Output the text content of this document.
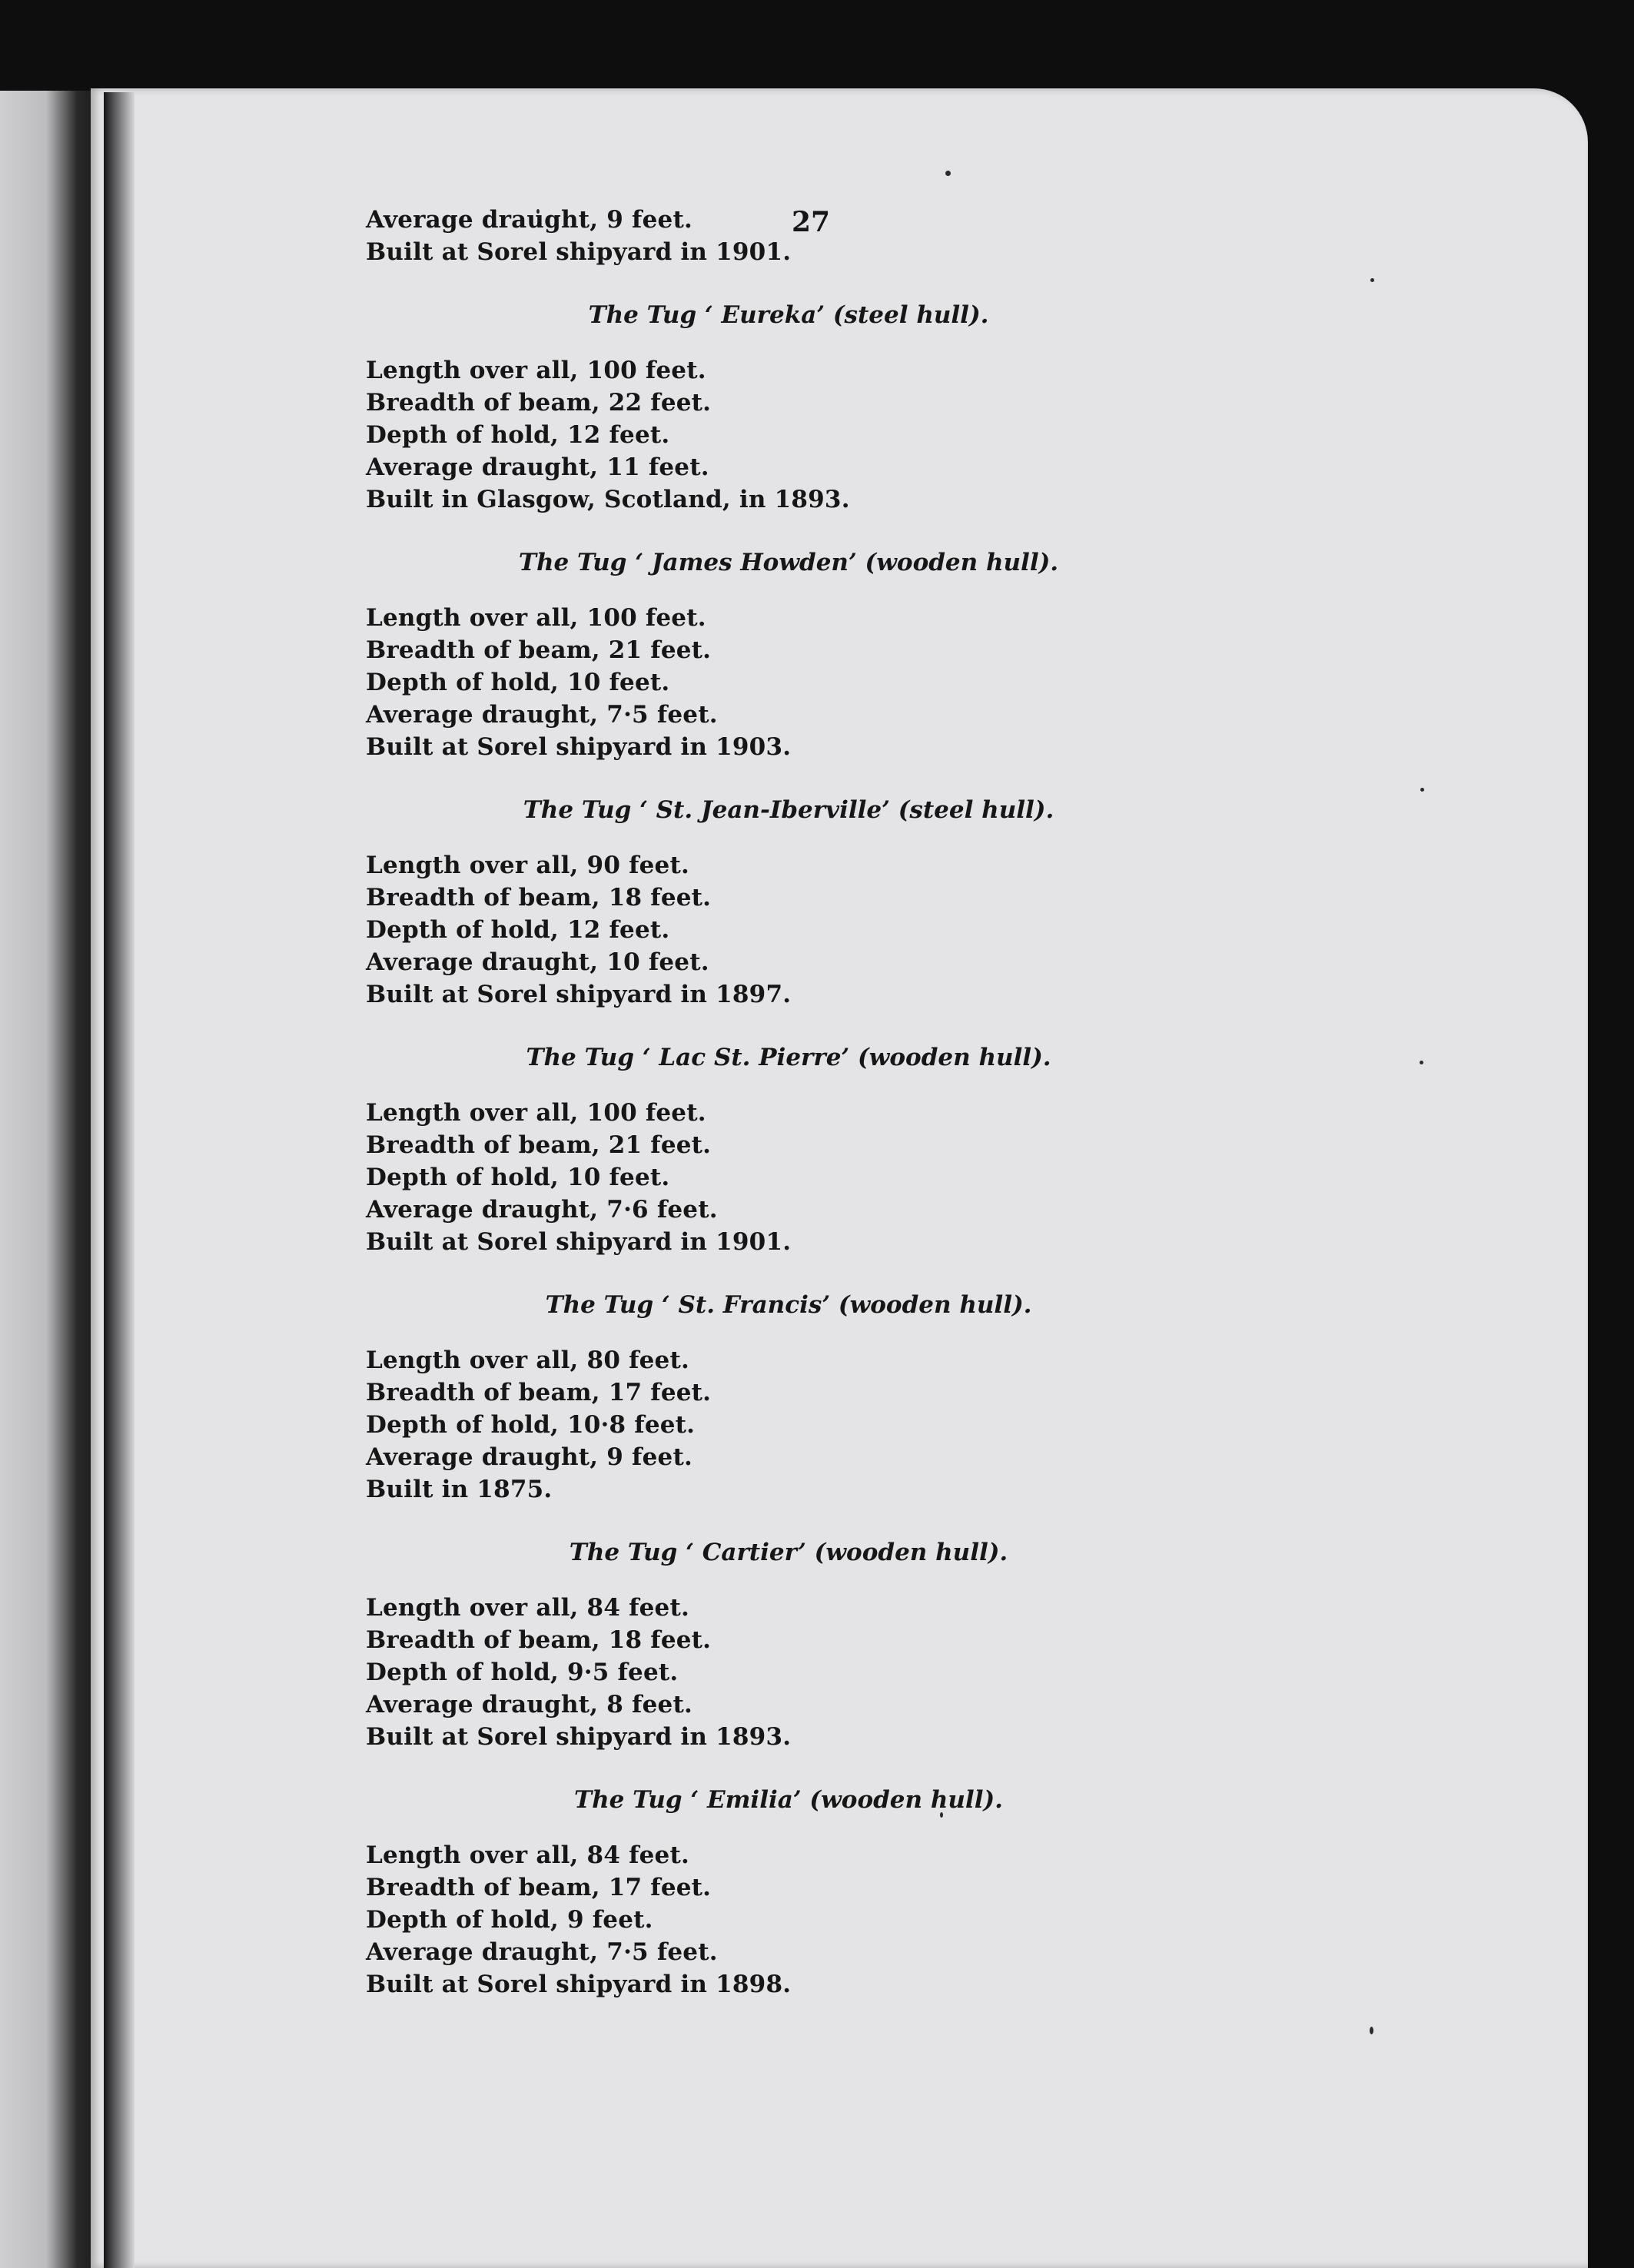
27
Average draught, 9 feet.
Built at Sorel shipyard in 1901.
The Tug ‘ Eureka’ (steel hull).
Length over all, 100 feet.
Breadth of beam, 22 feet.
Depth of hold, 12 feet.
Average draught, 11 feet.
Built in Glasgow, Scotland, in 1893.
The Tug ‘ James Howden’ (wooden hull).
Length over all, 100 feet.
Breadth of beam, 21 feet.
Depth of hold, 10 feet.
Average draught, 7·5 feet.
Built at Sorel shipyard in 1903.
The Tug ‘ St. Jean-Iberville’ (steel hull).
Length over all, 90 feet.
Breadth of beam, 18 feet.
Depth of hold, 12 feet.
Average draught, 10 feet.
Built at Sorel shipyard in 1897.
The Tug ‘ Lac St. Pierre’ (wooden hull).
Length over all, 100 feet.
Breadth of beam, 21 feet.
Depth of hold, 10 feet.
Average draught, 7·6 feet.
Built at Sorel shipyard in 1901.
The Tug ‘ St. Francis’ (wooden hull).
Length over all, 80 feet.
Breadth of beam, 17 feet.
Depth of hold, 10·8 feet.
Average draught, 9 feet.
Built in 1875.
The Tug ‘ Cartier’ (wooden hull).
Length over all, 84 feet.
Breadth of beam, 18 feet.
Depth of hold, 9·5 feet.
Average draught, 8 feet.
Built at Sorel shipyard in 1893.
The Tug ‘ Emilia’ (wooden hull).
Length over all, 84 feet.
Breadth of beam, 17 feet.
Depth of hold, 9 feet.
Average draught, 7·5 feet.
Built at Sorel shipyard in 1898.
